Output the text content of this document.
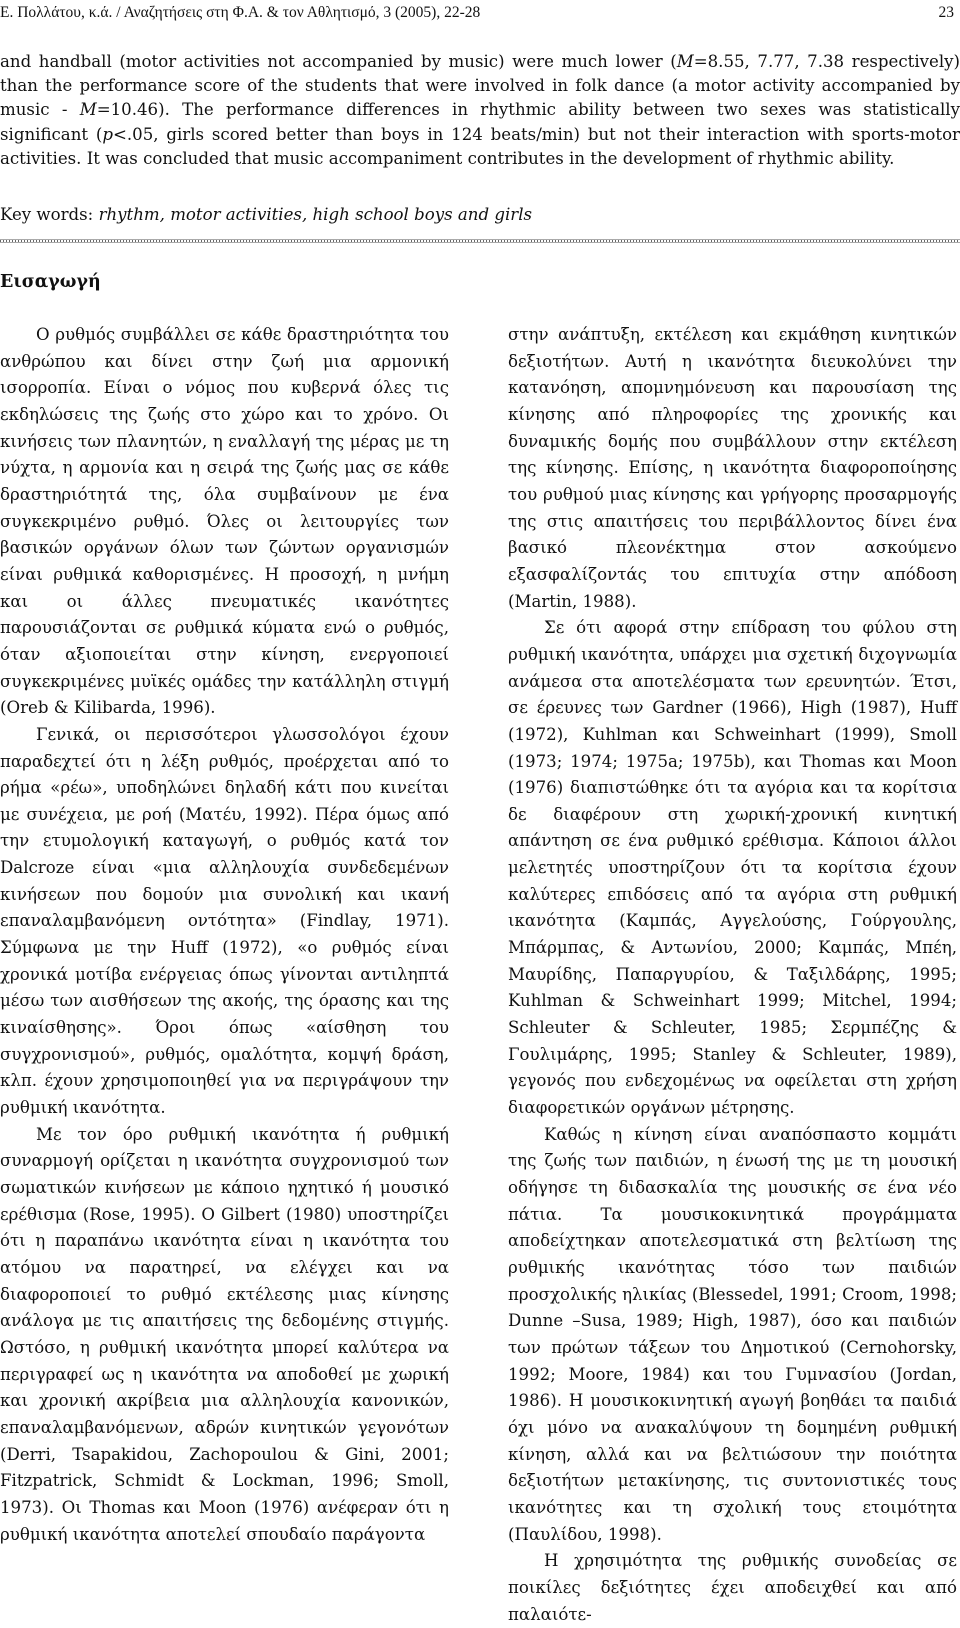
Ε. Πολλάτου, κ.ά. / Αναζητήσεις στη Φ.Α. & τον Αθλητισμό, 3 (2005), 22-28	23
and handball (motor activities not accompanied by music) were much lower (M=8.55, 7.77, 7.38 respectively) than the performance score of the students that were involved in folk dance (a motor activity accompanied by music - M=10.46). The performance differences in rhythmic ability between two sexes was statistically significant (p<.05, girls scored better than boys in 124 beats/min) but not their interaction with sports-motor activities. It was concluded that music accompaniment contributes in the development of rhythmic ability.
Key words: rhythm, motor activities, high school boys and girls
Εισαγωγή

Ο ρυθμός συμβάλλει σε κάθε δραστηριότητα του ανθρώπου και δίνει στην ζωή μια αρμονική ισορροπία. Είναι ο νόμος που κυβερνά όλες τις εκδηλώσεις της ζωής στο χώρο και το χρόνο. Οι κινήσεις των πλανητών, η εναλλαγή της μέρας με τη νύχτα, η αρμονία και η σειρά της ζωής μας σε κάθε δραστηριότητά της, όλα συμβαίνουν με ένα συγκεκριμένο ρυθμό. Όλες οι λειτουργίες των βασικών οργάνων όλων των ζώντων οργανισμών είναι ρυθμικά καθορισμένες. Η προσοχή, η μνήμη και οι άλλες πνευματικές ικανότητες παρουσιάζονται σε ρυθμικά κύματα ενώ ο ρυθμός, όταν αξιοποιείται στην κίνηση, ενεργοποιεί συγκεκριμένες μυϊκές ομάδες την κατάλληλη στιγμή (Oreb & Kilibarda, 1996).

Γενικά, οι περισσότεροι γλωσσολόγοι έχουν παραδεχτεί ότι η λέξη ρυθμός, προέρχεται από το ρήμα «ρέω», υποδηλώνει δηλαδή κάτι που κινείται με συνέχεια, με ροή (Ματέυ, 1992). Πέρα όμως από την ετυμολογική καταγωγή, ο ρυθμός κατά τον Dalcroze είναι «μια αλληλουχία συνδεδεμένων κινήσεων που δομούν μια συνολική και ικανή επαναλαμβανόμενη οντότητα» (Findlay, 1971). Σύμφωνα με την Huff (1972), «ο ρυθμός είναι χρονικά μοτίβα ενέργειας όπως γίνονται αντιληπτά μέσω των αισθήσεων της ακοής, της όρασης και της κιναίσθησης». Όροι όπως «αίσθηση του συγχρονισμού», ρυθμός, ομαλότητα, κομψή δράση, κλπ. έχουν χρησιμοποιηθεί για να περιγράψουν την ρυθμική ικανότητα.

Με τον όρο ρυθμική ικανότητα ή ρυθμική συναρμογή ορίζεται η ικανότητα συγχρονισμού των σωματικών κινήσεων με κάποιο ηχητικό ή μουσικό ερέθισμα (Rose, 1995). Ο Gilbert (1980) υποστηρίζει ότι η παραπάνω ικανότητα είναι η ικανότητα του ατόμου να παρατηρεί, να ελέγχει και να διαφοροποιεί το ρυθμό εκτέλεσης μιας κίνησης ανάλογα με τις απαιτήσεις της δεδομένης στιγμής. Ωστόσο, η ρυθμική ικανότητα μπορεί καλύτερα να περιγραφεί ως η ικανότητα να αποδοθεί με χωρική και χρονική ακρίβεια μια αλληλουχία κανονικών, επαναλαμβανόμενων, αδρών κινητικών γεγονότων (Derri, Tsapakidou, Zachopoulou & Gini, 2001; Fitzpatrick, Schmidt & Lockman, 1996; Smoll, 1973). Οι Thomas και Moon (1976) ανέφεραν ότι η ρυθμική ικανότητα αποτελεί σπουδαίο παράγοντα

στην ανάπτυξη, εκτέλεση και εκμάθηση κινητικών δεξιοτήτων. Αυτή η ικανότητα διευκολύνει την κατανόηση, απομνημόνευση και παρουσίαση της κίνησης από πληροφορίες της χρονικής και δυναμικής δομής που συμβάλλουν στην εκτέλεση της κίνησης. Επίσης, η ικανότητα διαφοροποίησης του ρυθμού μιας κίνησης και γρήγορης προσαρμογής της στις απαιτήσεις του περιβάλλοντος δίνει ένα βασικό πλεονέκτημα στον ασκούμενο εξασφαλίζοντάς του επιτυχία στην απόδοση (Martin, 1988).

Σε ότι αφορά στην επίδραση του φύλου στη ρυθμική ικανότητα, υπάρχει μια σχετική διχογνωμία ανάμεσα στα αποτελέσματα των ερευνητών. Έτσι, σε έρευνες των Gardner (1966), High (1987), Huff (1972), Kuhlman και Schweinhart (1999), Smoll (1973; 1974; 1975a; 1975b), και Thomas και Moon (1976) διαπιστώθηκε ότι τα αγόρια και τα κορίτσια δε διαφέρουν στη χωρική-χρονική κινητική απάντηση σε ένα ρυθμικό ερέθισμα. Κάποιοι άλλοι μελετητές υποστηρίζουν ότι τα κορίτσια έχουν καλύτερες επιδόσεις από τα αγόρια στη ρυθμική ικανότητα (Καμπάς, Αγγελούσης, Γούργουλης, Μπάρμπας, & Αντωνίου, 2000; Καμπάς, Μπέη, Μαυρίδης, Παπαργυρίου, & Ταξιλδάρης, 1995; Kuhlman & Schweinhart 1999; Mitchel, 1994; Schleuter & Schleuter, 1985; Σερμπέζης & Γουλιμάρης, 1995; Stanley & Schleuter, 1989), γεγονός που ενδεχομένως να οφείλεται στη χρήση διαφορετικών οργάνων μέτρησης.

Καθώς η κίνηση είναι αναπόσπαστο κομμάτι της ζωής των παιδιών, η ένωσή της με τη μουσική οδήγησε τη διδασκαλία της μουσικής σε ένα νέο πάτια. Τα μουσικοκινητικά προγράμματα αποδείχτηκαν αποτελεσματικά στη βελτίωση της ρυθμικής ικανότητας τόσο των παιδιών προσχολικής ηλικίας (Blessedel, 1991; Croom, 1998; Dunne –Susa, 1989; High, 1987), όσο και παιδιών των πρώτων τάξεων του Δημοτικού (Cernohorsky, 1992; Moore, 1984) και του Γυμνασίου (Jordan, 1986). Η μουσικοκινητική αγωγή βοηθάει τα παιδιά όχι μόνο να ανακαλύψουν τη δομημένη ρυθμική κίνηση, αλλά και να βελτιώσουν την ποιότητα δεξιοτήτων μετακίνησης, τις συντονιστικές τους ικανότητες και τη σχολική τους ετοιμότητα (Παυλίδου, 1998).

Η χρησιμότητα της ρυθμικής συνοδείας σε ποικίλες δεξιότητες έχει αποδειχθεί και από παλαιότε-
